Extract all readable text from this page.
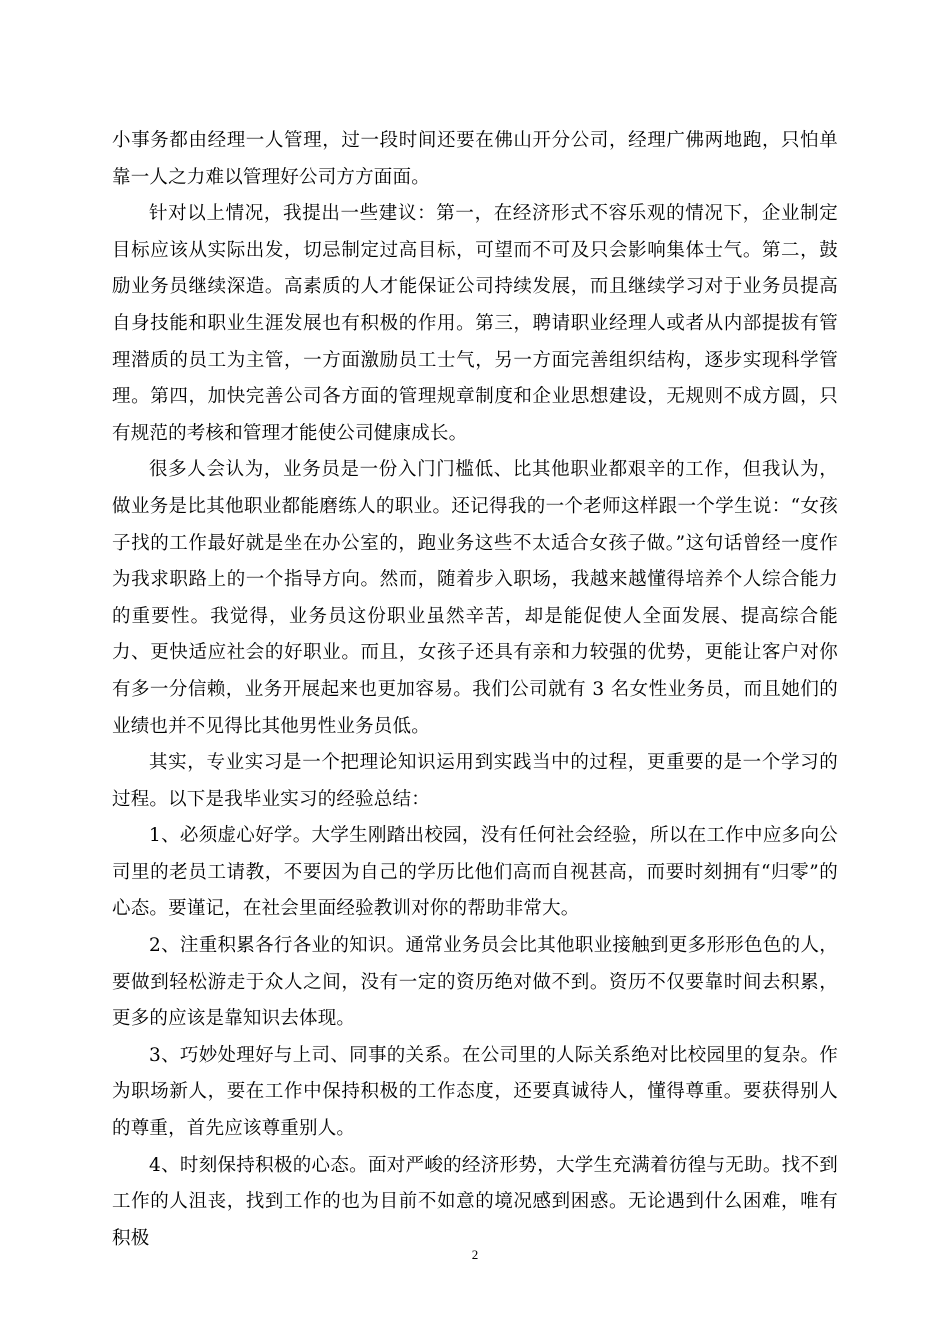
小事务都由经理一人管理，过一段时间还要在佛山开分公司，经理广佛两地跑，只怕单靠一人之力难以管理好公司方方面面。

针对以上情况，我提出一些建议：第一，在经济形式不容乐观的情况下，企业制定目标应该从实际出发，切忌制定过高目标，可望而不可及只会影响集体士气。第二，鼓励业务员继续深造。高素质的人才能保证公司持续发展，而且继续学习对于业务员提高自身技能和职业生涯发展也有积极的作用。第三，聘请职业经理人或者从内部提拔有管理潜质的员工为主管，一方面激励员工士气，另一方面完善组织结构，逐步实现科学管理。第四，加快完善公司各方面的管理规章制度和企业思想建设，无规则不成方圆，只有规范的考核和管理才能使公司健康成长。

很多人会认为，业务员是一份入门门槛低、比其他职业都艰辛的工作，但我认为，做业务是比其他职业都能磨练人的职业。还记得我的一个老师这样跟一个学生说：“女孩子找的工作最好就是坐在办公室的，跑业务这些不太适合女孩子做。”这句话曾经一度作为我求职路上的一个指导方向。然而，随着步入职场，我越来越懂得培养个人综合能力的重要性。我觉得，业务员这份职业虽然辛苦，却是能促使人全面发展、提高综合能力、更快适应社会的好职业。而且，女孩子还具有亲和力较强的优势，更能让客户对你有多一分信赖，业务开展起来也更加容易。我们公司就有 3 名女性业务员，而且她们的业绩也并不见得比其他男性业务员低。

其实，专业实习是一个把理论知识运用到实践当中的过程，更重要的是一个学习的过程。以下是我毕业实习的经验总结：

1、必须虚心好学。大学生刚踏出校园，没有任何社会经验，所以在工作中应多向公司里的老员工请教，不要因为自己的学历比他们高而自视甚高，而要时刻拥有“归零”的心态。要谨记，在社会里面经验教训对你的帮助非常大。

2、注重积累各行各业的知识。通常业务员会比其他职业接触到更多形形色色的人，要做到轻松游走于众人之间，没有一定的资历绝对做不到。资历不仅要靠时间去积累，更多的应该是靠知识去体现。

3、巧妙处理好与上司、同事的关系。在公司里的人际关系绝对比校园里的复杂。作为职场新人，要在工作中保持积极的工作态度，还要真诚待人，懂得尊重。要获得别人的尊重，首先应该尊重别人。

4、时刻保持积极的心态。面对严峻的经济形势，大学生充满着彷徨与无助。找不到工作的人沮丧，找到工作的也为目前不如意的境况感到困惑。无论遇到什么困难，唯有积极

2
